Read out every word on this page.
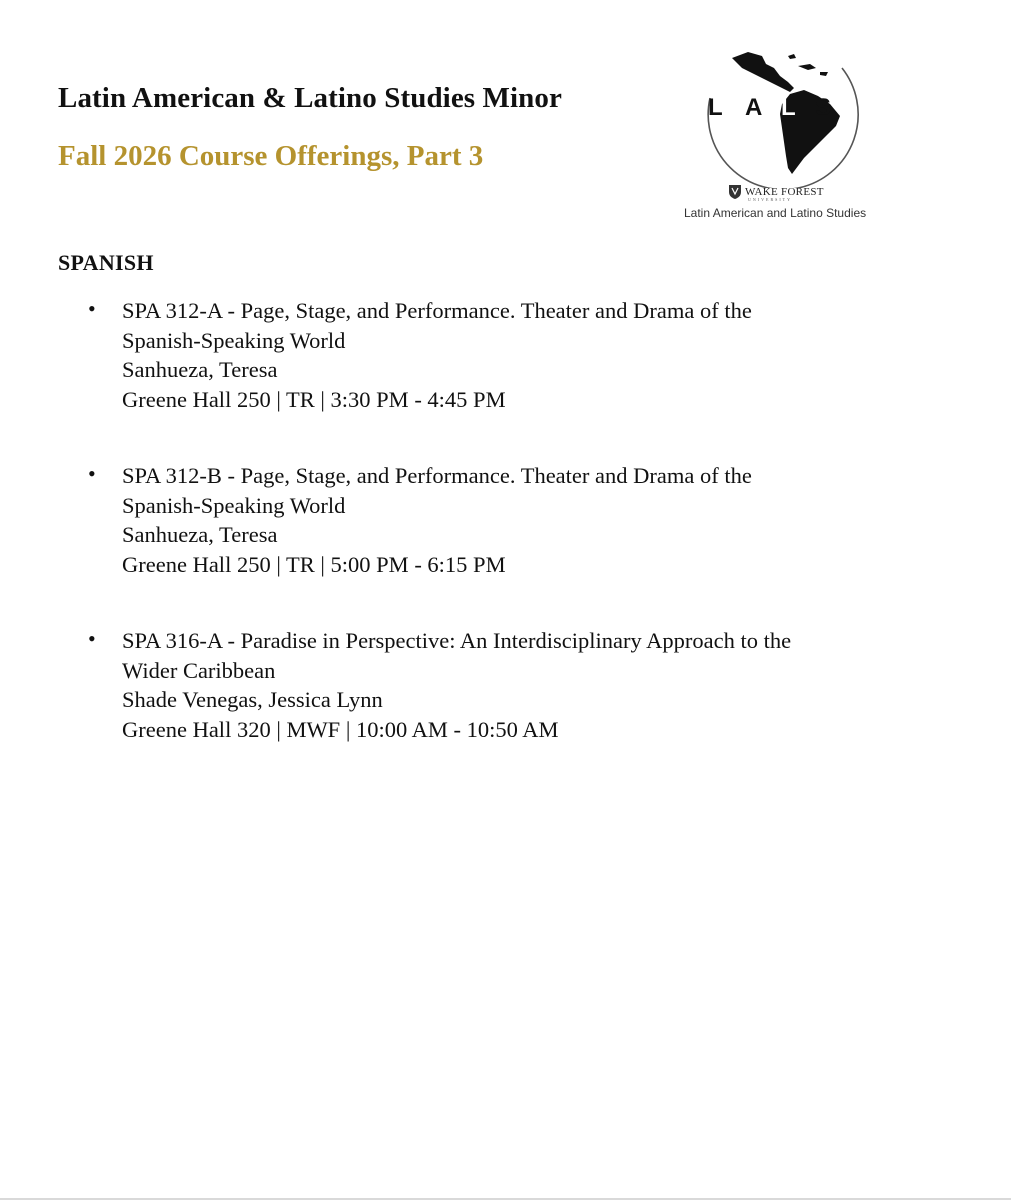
Latin American & Latino Studies Minor
Fall 2026 Course Offerings, Part 3
L A L S
WAKE FOREST
UNIVERSITY
Latin American and Latino Studies
SPANISH
• SPA 312-A - Page, Stage, and Performance. Theater and Drama of the
Spanish-Speaking World
Sanhueza, Teresa
Greene Hall 250 | TR | 3:30 PM - 4:45 PM
• SPA 312-B - Page, Stage, and Performance. Theater and Drama of the
Spanish-Speaking World
Sanhueza, Teresa
Greene Hall 250 | TR | 5:00 PM - 6:15 PM
• SPA 316-A - Paradise in Perspective: An Interdisciplinary Approach to the
Wider Caribbean
Shade Venegas, Jessica Lynn
Greene Hall 320 | MWF | 10:00 AM - 10:50 AM
